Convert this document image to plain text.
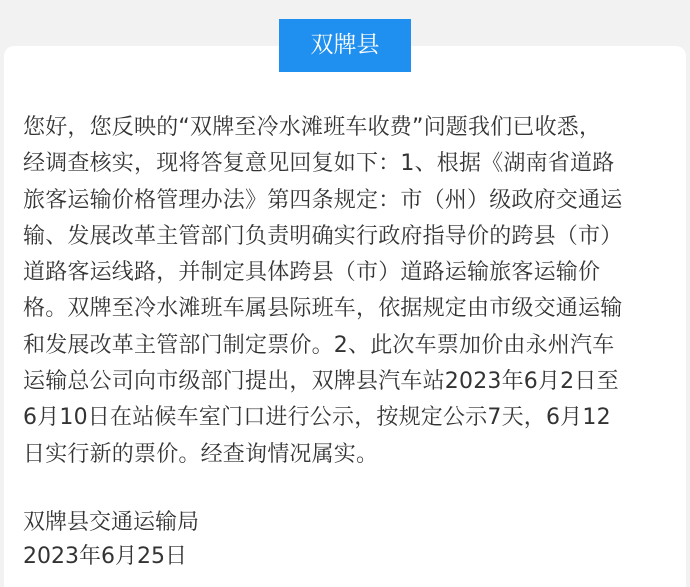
双牌县

您好，您反映的“双牌至冷水滩班车收费”问题我们已收悉，
经调查核实，现将答复意见回复如下：1、根据《湖南省道路
旅客运输价格管理办法》第四条规定：市（州）级政府交通运
输、发展改革主管部门负责明确实行政府指导价的跨县（市）
道路客运线路，并制定具体跨县（市）道路运输旅客运输价
格。双牌至冷水滩班车属县际班车，依据规定由市级交通运输
和发展改革主管部门制定票价。2、此次车票加价由永州汽车
运输总公司向市级部门提出，双牌县汽车站2023年6月2日至
6月10日在站候车室门口进行公示，按规定公示7天，6月12
日实行新的票价。经查询情况属实。

双牌县交通运输局
2023年6月25日
